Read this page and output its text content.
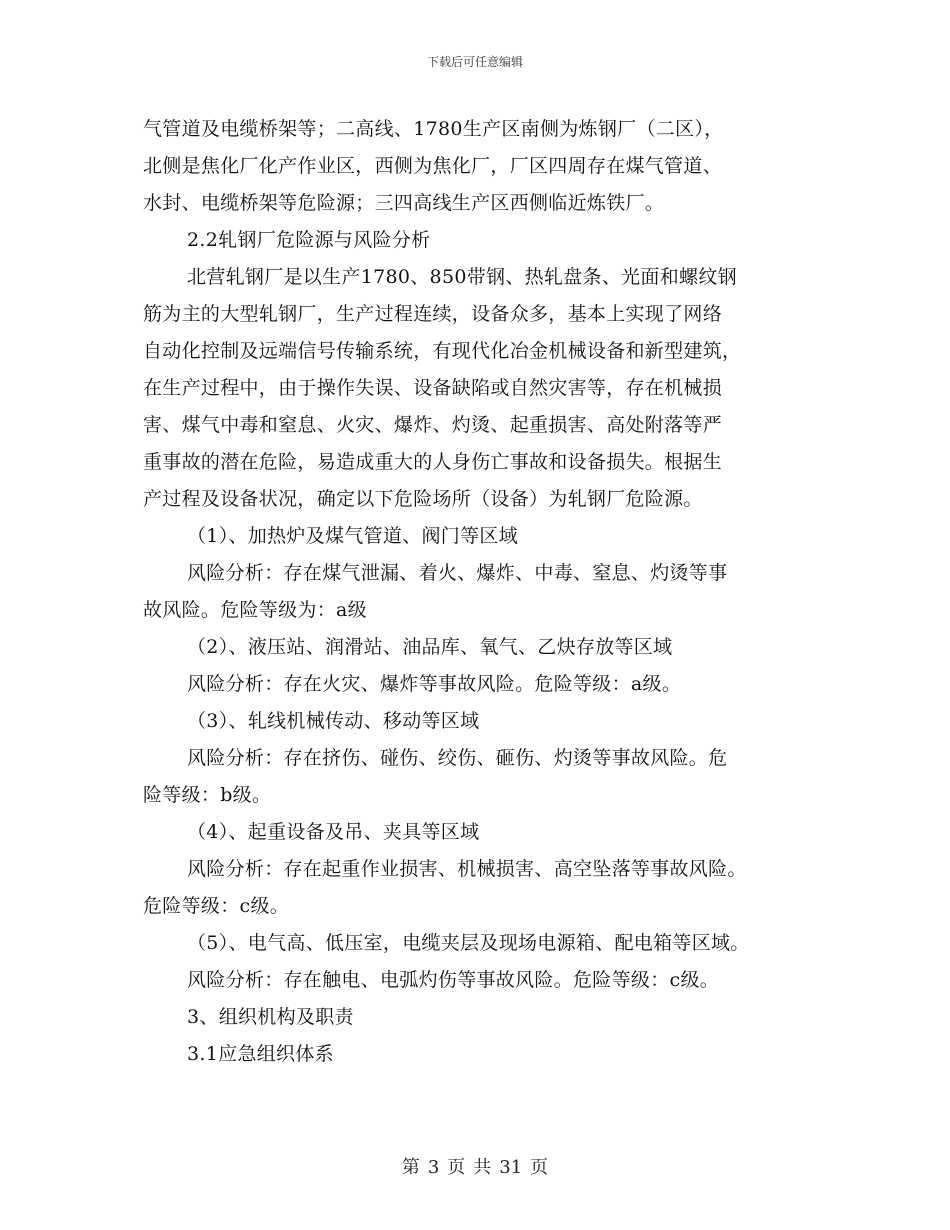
下载后可任意编辑
气管道及电缆桥架等；二高线、1780生产区南侧为炼钢厂（二区），
北侧是焦化厂化产作业区，西侧为焦化厂，厂区四周存在煤气管道、
水封、电缆桥架等危险源；三四高线生产区西侧临近炼铁厂。
2.2轧钢厂危险源与风险分析
北营轧钢厂是以生产1780、850带钢、热轧盘条、光面和螺纹钢
筋为主的大型轧钢厂，生产过程连续，设备众多，基本上实现了网络
自动化控制及远端信号传输系统，有现代化冶金机械设备和新型建筑，
在生产过程中，由于操作失误、设备缺陷或自然灾害等，存在机械损
害、煤气中毒和窒息、火灾、爆炸、灼烫、起重损害、高处附落等严
重事故的潜在危险，易造成重大的人身伤亡事故和设备损失。根据生
产过程及设备状况，确定以下危险场所（设备）为轧钢厂危险源。
（1）、加热炉及煤气管道、阀门等区域
风险分析：存在煤气泄漏、着火、爆炸、中毒、窒息、灼烫等事
故风险。危险等级为：a级
（2）、液压站、润滑站、油品库、氧气、乙炔存放等区域
风险分析：存在火灾、爆炸等事故风险。危险等级：a级。
（3）、轧线机械传动、移动等区域
风险分析：存在挤伤、碰伤、绞伤、砸伤、灼烫等事故风险。危
险等级：b级。
（4）、起重设备及吊、夹具等区域
风险分析：存在起重作业损害、机械损害、高空坠落等事故风险。
危险等级：c级。
（5）、电气高、低压室，电缆夹层及现场电源箱、配电箱等区域。
风险分析：存在触电、电弧灼伤等事故风险。危险等级：c级。
3、组织机构及职责
3.1应急组织体系
第 3 页 共 31 页
